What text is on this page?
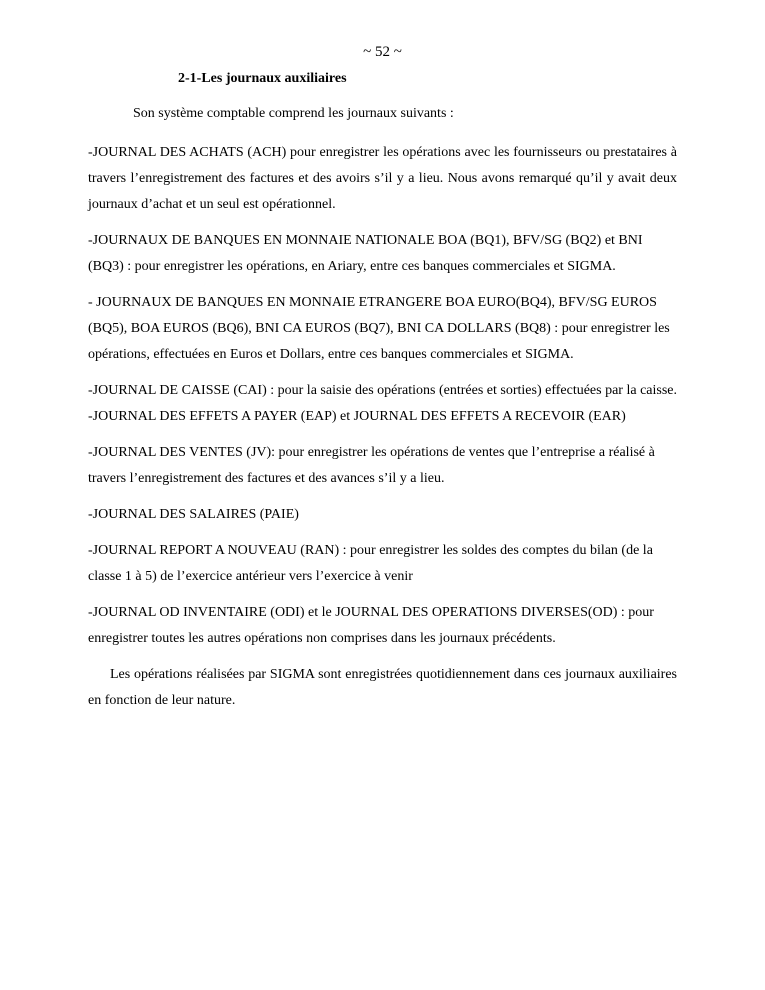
~ 52 ~
2-1-Les journaux auxiliaires
Son système comptable comprend les journaux suivants :

-JOURNAL DES ACHATS (ACH) pour enregistrer les opérations avec les fournisseurs ou prestataires à travers l’enregistrement des factures et des avoirs s’il y a lieu. Nous avons remarqué qu’il y avait deux journaux d’achat et un seul est opérationnel.

-JOURNAUX DE BANQUES EN MONNAIE NATIONALE BOA (BQ1), BFV/SG (BQ2) et BNI (BQ3) : pour enregistrer les opérations, en Ariary, entre ces banques commerciales et SIGMA.

- JOURNAUX DE BANQUES EN MONNAIE ETRANGERE BOA EURO(BQ4), BFV/SG EUROS (BQ5), BOA EUROS (BQ6), BNI CA EUROS (BQ7), BNI CA DOLLARS (BQ8) : pour enregistrer les opérations, effectuées en Euros et Dollars, entre ces banques commerciales et SIGMA.

-JOURNAL DE CAISSE (CAI) : pour la saisie des opérations (entrées et sorties) effectuées par la caisse.

-JOURNAL DES EFFETS A PAYER (EAP) et JOURNAL DES EFFETS A RECEVOIR (EAR)

-JOURNAL DES VENTES (JV): pour enregistrer les opérations de ventes que l’entreprise a réalisé à travers l’enregistrement des factures et des avances s’il y a lieu.

-JOURNAL DES SALAIRES (PAIE)

-JOURNAL REPORT A NOUVEAU (RAN) : pour enregistrer les soldes des comptes du bilan (de la classe 1 à 5) de l’exercice antérieur vers l’exercice à venir

-JOURNAL OD INVENTAIRE (ODI) et le JOURNAL DES OPERATIONS DIVERSES(OD) : pour enregistrer toutes les autres opérations non comprises dans les journaux précédents.

Les opérations réalisées par SIGMA sont enregistrées quotidiennement dans ces journaux auxiliaires en fonction de leur nature.
